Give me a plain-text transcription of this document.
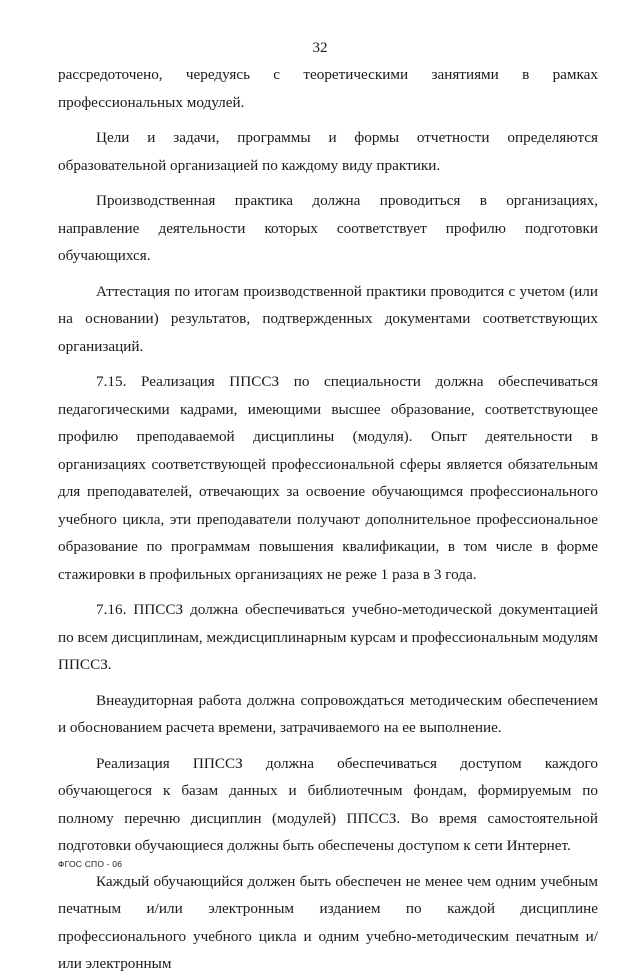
32

рассредоточено, чередуясь с теоретическими занятиями в рамках профессиональных модулей.

Цели и задачи, программы и формы отчетности определяются образовательной организацией по каждому виду практики.

Производственная практика должна проводиться в организациях, направление деятельности которых соответствует профилю подготовки обучающихся.

Аттестация по итогам производственной практики проводится с учетом (или на основании) результатов, подтвержденных документами соответствующих организаций.

7.15. Реализация ППССЗ по специальности должна обеспечиваться педагогическими кадрами, имеющими высшее образование, соответствующее профилю преподаваемой дисциплины (модуля). Опыт деятельности в организациях соответствующей профессиональной сферы является обязательным для преподавателей, отвечающих за освоение обучающимся профессионального учебного цикла, эти преподаватели получают дополнительное профессиональное образование по программам повышения квалификации, в том числе в форме стажировки в профильных организациях не реже 1 раза в 3 года.

7.16. ППССЗ должна обеспечиваться учебно-методической документацией по всем дисциплинам, междисциплинарным курсам и профессиональным модулям ППССЗ.

Внеаудиторная работа должна сопровождаться методическим обеспечением и обоснованием расчета времени, затрачиваемого на ее выполнение.

Реализация ППССЗ должна обеспечиваться доступом каждого обучающегося к базам данных и библиотечным фондам, формируемым по полному перечню дисциплин (модулей) ППССЗ. Во время самостоятельной подготовки обучающиеся должны быть обеспечены доступом к сети Интернет.

Каждый обучающийся должен быть обеспечен не менее чем одним учебным печатным и/или электронным изданием по каждой дисциплине профессионального учебного цикла и одним учебно-методическим печатным и/или электронным

ФГОС СПО - 06
